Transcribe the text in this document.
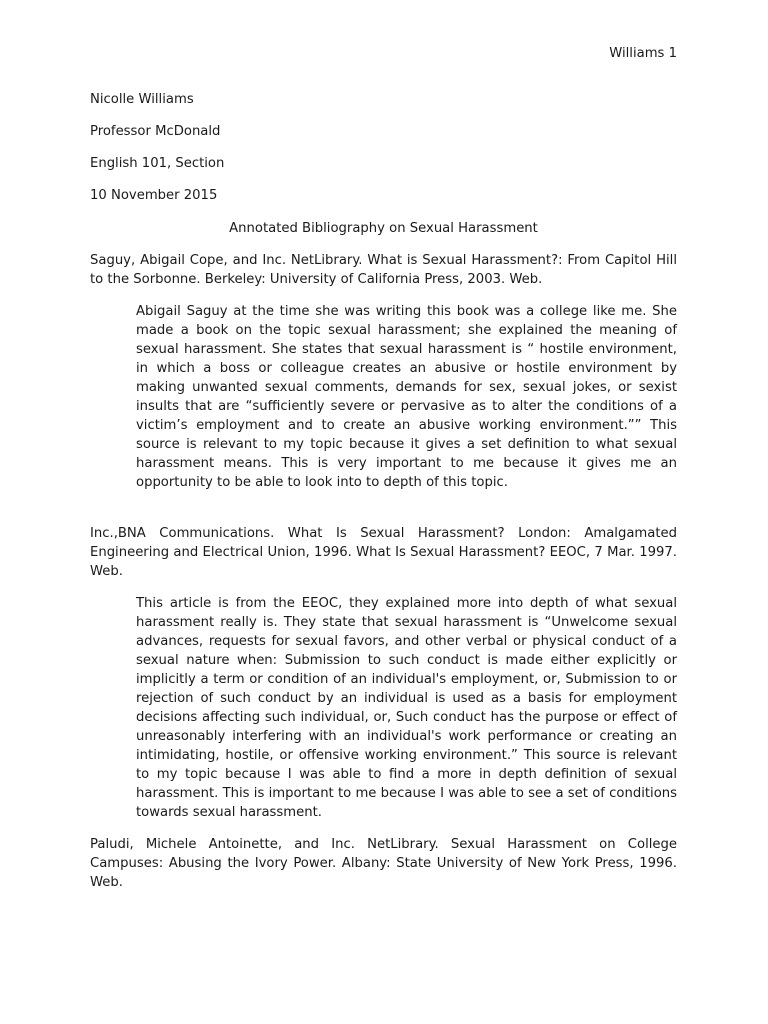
Williams 1
Nicolle Williams
Professor McDonald
English 101, Section
10 November 2015
Annotated Bibliography on Sexual Harassment
Saguy, Abigail Cope, and Inc. NetLibrary. What is Sexual Harassment?: From Capitol Hill to the Sorbonne. Berkeley: University of California Press, 2003. Web.
Abigail Saguy at the time she was writing this book was a college like me. She made a book on the topic sexual harassment; she explained the meaning of sexual harassment. She states that sexual harassment is “ hostile environment, in which a boss or colleague creates an abusive or hostile environment by making unwanted sexual comments, demands for sex, sexual jokes, or sexist insults that are “sufficiently severe or pervasive as to alter the conditions of a victim’s employment and to create an abusive working environment.”” This source is relevant to my topic because it gives a set definition to what sexual harassment means. This is very important to me because it gives me an opportunity to be able to look into to depth of this topic.
Inc.,BNA Communications. What Is Sexual Harassment? London: Amalgamated Engineering and Electrical Union, 1996. What Is Sexual Harassment? EEOC, 7 Mar. 1997. Web.
This article is from the EEOC, they explained more into depth of what sexual harassment really is. They state that sexual harassment is “Unwelcome sexual advances, requests for sexual favors, and other verbal or physical conduct of a sexual nature when: Submission to such conduct is made either explicitly or implicitly a term or condition of an individual's employment, or, Submission to or rejection of such conduct by an individual is used as a basis for employment decisions affecting such individual, or, Such conduct has the purpose or effect of unreasonably interfering with an individual's work performance or creating an intimidating, hostile, or offensive working environment.” This source is relevant to my topic because I was able to find a more in depth definition of sexual harassment. This is important to me because I was able to see a set of conditions towards sexual harassment.
Paludi, Michele Antoinette, and Inc. NetLibrary. Sexual Harassment on College Campuses: Abusing the Ivory Power. Albany: State University of New York Press, 1996. Web.
